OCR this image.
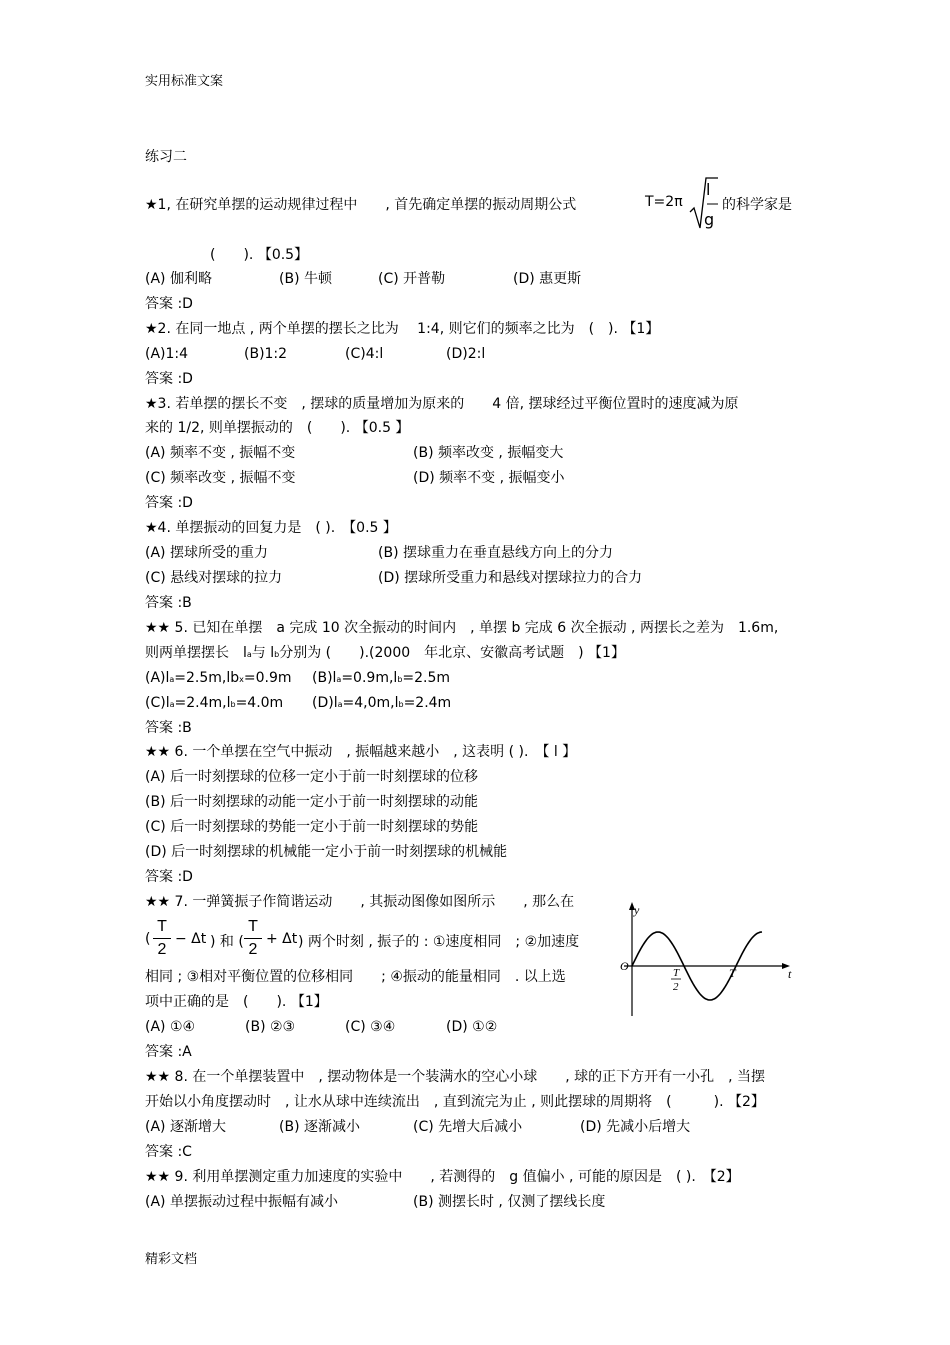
实用标准文案
精彩文档
练习二
★1, 在研究单摆的运动规律过程中　　, 首先确定单摆的振动周期公式	T=2π
l
g
的科学家是
(　　). 【0.5】
(A) 伽利略	(B) 牛顿	(C) 开普勒	(D) 惠更斯
答案 :D
★2. 在同一地点 , 两个单摆的摆长之比为　 1:4, 则它们的频率之比为　(　). 【1】
(A)1:4	(B)1:2	(C)4:l	(D)2:l
答案 :D
★3. 若单摆的摆长不变　, 摆球的质量增加为原来的　　4 倍, 摆球经过平衡位置时的速度减为原
来的 1/2, 则单摆振动的　(　　). 【0.5 】
(A) 频率不变 , 振幅不变	(B) 频率改变 , 振幅变大
(C) 频率改变 , 振幅不变	(D) 频率不变 , 振幅变小
答案 :D
★4. 单摆振动的回复力是　( ).　【0.5 】
(A) 摆球所受的重力	(B) 摆球重力在垂直悬线方向上的分力
(C) 悬线对摆球的拉力	(D) 摆球所受重力和悬线对摆球拉力的合力
答案 :B
★★ 5. 已知在单摆　a 完成 10 次全振动的时间内　, 单摆 b 完成 6 次全振动 , 两摆长之差为　1.6m,
则两单摆摆长　la与 lb分别为 (　　).(2000　年北京、安徽高考试题　) 【1】
(A)la=2.5m,lbx=0.9m (B)la=0.9m,lb=2.5m
(C)la=2.4m,lb=4.0m (D)la=4,0m,lb=2.4m
答案 :B
★★ 6. 一个单摆在空气中振动　, 振幅越来越小　, 这表明 ( ).　【 l 】
(A) 后一时刻摆球的位移一定小于前一时刻摆球的位移
(B) 后一时刻摆球的动能一定小于前一时刻摆球的动能
(C) 后一时刻摆球的势能一定小于前一时刻摆球的势能
(D) 后一时刻摆球的机械能一定小于前一时刻摆球的机械能
答案 :D
★★ 7. 一弹簧振子作简谐运动　　, 其振动图像如图所示　　, 那么在
(
T
2
− Δt ) 和 (
T
2
+ Δt ) 两个时刻 , 振子的 : ①速度相同　; ②加速度
相同 ; ③相对平衡位置的位移相同　　; ④振动的能量相同　. 以上选
项中正确的是　(　　). 【1】
(A) ①④	(B) ②③	(C) ③④	(D) ①②
答案 :A
y
t
O	T
2
T
★★ 8. 在一个单摆装置中　, 摆动物体是一个装满水的空心小球　　, 球的正下方开有一小孔　, 当摆
开始以小角度摆动时　, 让水从球中连续流出　, 直到流完为止 , 则此摆球的周期将　(　　　). 【2】
(A) 逐渐增大	(B) 逐渐减小	(C) 先增大后减小	(D) 先减小后增大
答案 :C
★★ 9. 利用单摆测定重力加速度的实验中　　, 若测得的　g 值偏小 , 可能的原因是　( ).　【2】
(A) 单摆振动过程中振幅有减小	(B) 测摆长时 , 仅测了摆线长度
